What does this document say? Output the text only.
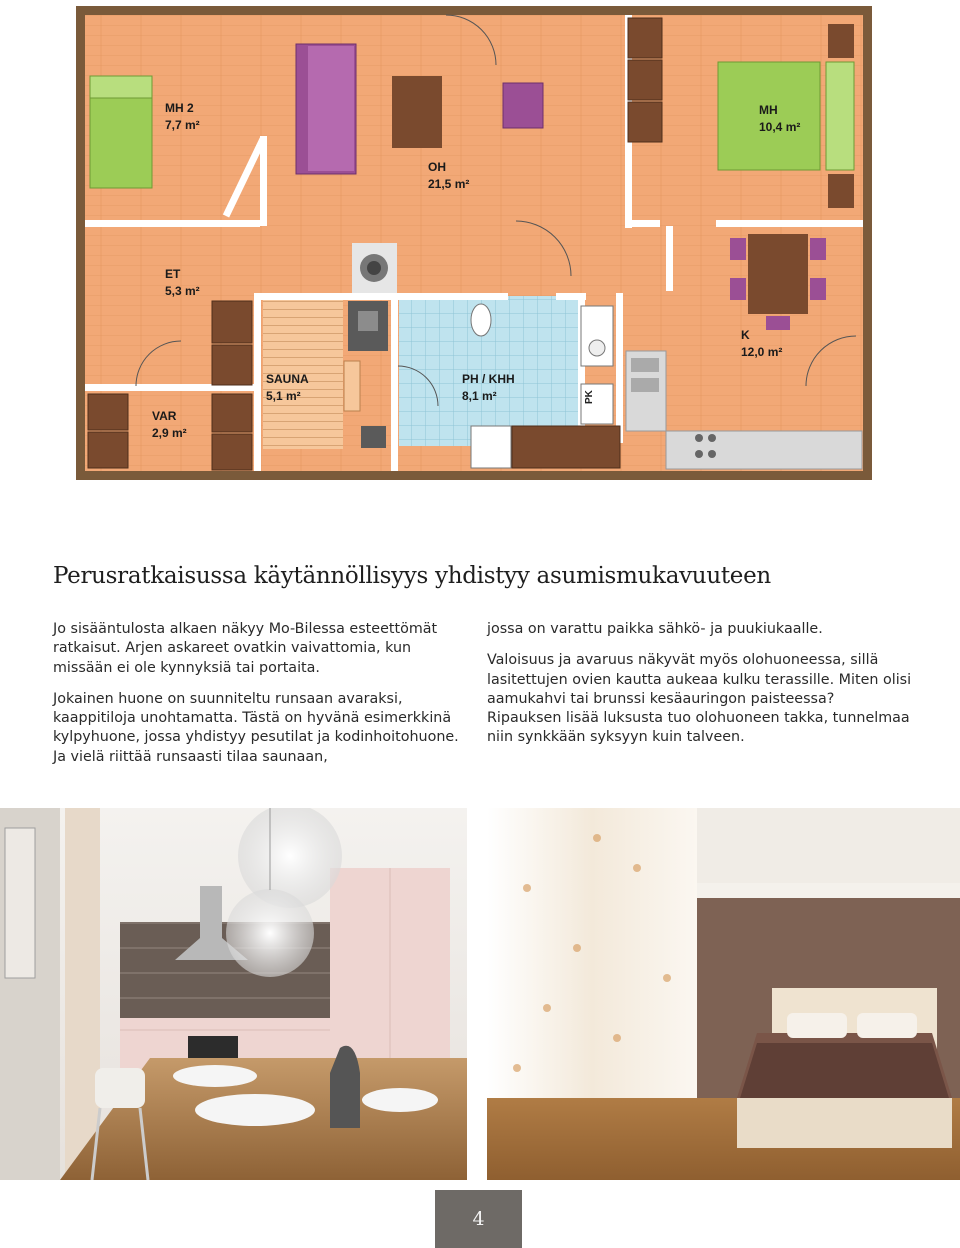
PK
MH 2
7,7 m²
OH
21,5 m²
MH
10,4 m²
ET
5,3 m²
SAUNA
5,1 m²
PH / KHH
8,1 m²
K
12,0 m²
VAR
2,9 m²
Perusratkaisussa käytännöllisyys yhdistyy asumismukavuuteen

Jo sisääntulosta alkaen näkyy Mo-Bilessa esteettömät ratkaisut. Arjen askareet ovatkin vaivattomia, kun missään ei ole kynnyksiä tai portaita.

Jokainen huone on suunniteltu runsaan avaraksi, kaappitiloja unohtamatta. Tästä on hyvänä esimerkkinä kylpyhuone, jossa yhdistyy pesutilat ja kodinhoitohuone. Ja vielä riittää runsaasti tilaa saunaan,

jossa on varattu paikka sähkö- ja puukiukaalle.

Valoisuus ja avaruus näkyvät myös olohuoneessa, sillä lasitettujen ovien kautta aukeaa kulku terassille. Miten olisi aamukahvi tai brunssi kesäauringon paisteessa? Ripauksen lisää luksusta tuo olohuoneen takka, tunnelmaa niin synkkään syksyyn kuin talveen.

4
